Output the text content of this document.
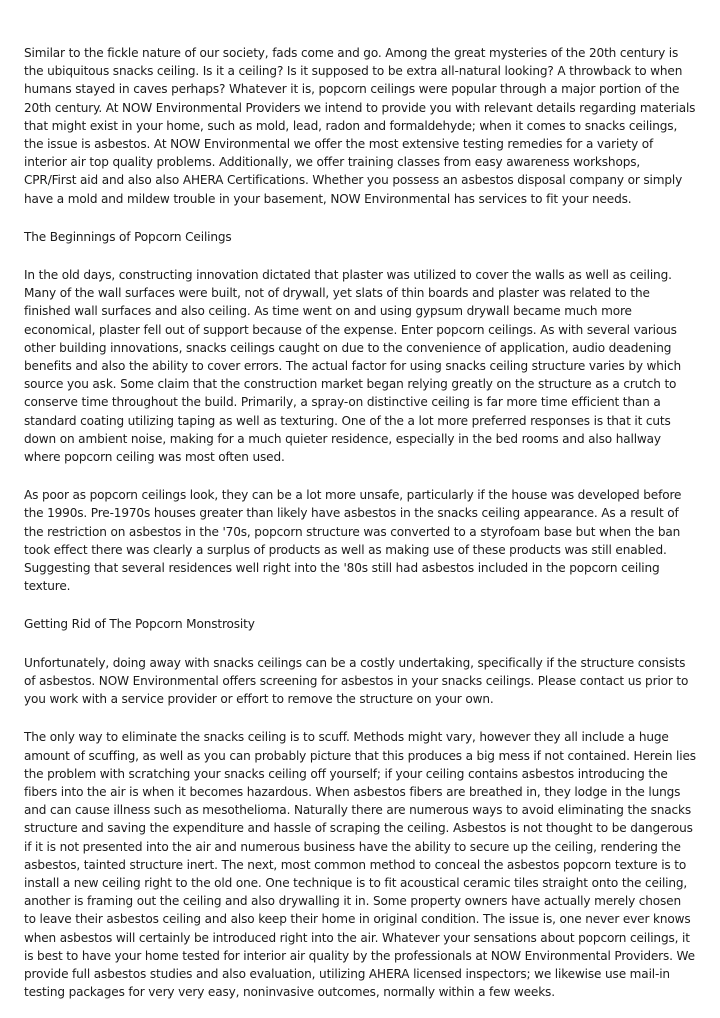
Similar to the fickle nature of our society, fads come and go. Among the great mysteries of the 20th century is the ubiquitous snacks ceiling. Is it a ceiling? Is it supposed to be extra all-natural looking? A throwback to when humans stayed in caves perhaps? Whatever it is, popcorn ceilings were popular through a major portion of the 20th century. At NOW Environmental Providers we intend to provide you with relevant details regarding materials that might exist in your home, such as mold, lead, radon and formaldehyde; when it comes to snacks ceilings, the issue is asbestos. At NOW Environmental we offer the most extensive testing remedies for a variety of interior air top quality problems. Additionally, we offer training classes from easy awareness workshops, CPR/First aid and also also AHERA Certifications. Whether you possess an asbestos disposal company or simply have a mold and mildew trouble in your basement, NOW Environmental has services to fit your needs.

The Beginnings of Popcorn Ceilings

In the old days, constructing innovation dictated that plaster was utilized to cover the walls as well as ceiling. Many of the wall surfaces were built, not of drywall, yet slats of thin boards and plaster was related to the finished wall surfaces and also ceiling. As time went on and using gypsum drywall became much more economical, plaster fell out of support because of the expense. Enter popcorn ceilings. As with several various other building innovations, snacks ceilings caught on due to the convenience of application, audio deadening benefits and also the ability to cover errors. The actual factor for using snacks ceiling structure varies by which source you ask. Some claim that the construction market began relying greatly on the structure as a crutch to conserve time throughout the build. Primarily, a spray-on distinctive ceiling is far more time efficient than a standard coating utilizing taping as well as texturing. One of the a lot more preferred responses is that it cuts down on ambient noise, making for a much quieter residence, especially in the bed rooms and also hallway where popcorn ceiling was most often used.

As poor as popcorn ceilings look, they can be a lot more unsafe, particularly if the house was developed before the 1990s. Pre-1970s houses greater than likely have asbestos in the snacks ceiling appearance. As a result of the restriction on asbestos in the '70s, popcorn structure was converted to a styrofoam base but when the ban took effect there was clearly a surplus of products as well as making use of these products was still enabled. Suggesting that several residences well right into the '80s still had asbestos included in the popcorn ceiling texture.

Getting Rid of The Popcorn Monstrosity

Unfortunately, doing away with snacks ceilings can be a costly undertaking, specifically if the structure consists of asbestos. NOW Environmental offers screening for asbestos in your snacks ceilings. Please contact us prior to you work with a service provider or effort to remove the structure on your own.

The only way to eliminate the snacks ceiling is to scuff. Methods might vary, however they all include a huge amount of scuffing, as well as you can probably picture that this produces a big mess if not contained. Herein lies the problem with scratching your snacks ceiling off yourself; if your ceiling contains asbestos introducing the fibers into the air is when it becomes hazardous. When asbestos fibers are breathed in, they lodge in the lungs and can cause illness such as mesothelioma. Naturally there are numerous ways to avoid eliminating the snacks structure and saving the expenditure and hassle of scraping the ceiling. Asbestos is not thought to be dangerous if it is not presented into the air and numerous business have the ability to secure up the ceiling, rendering the asbestos, tainted structure inert. The next, most common method to conceal the asbestos popcorn texture is to install a new ceiling right to the old one. One technique is to fit acoustical ceramic tiles straight onto the ceiling, another is framing out the ceiling and also drywalling it in. Some property owners have actually merely chosen to leave their asbestos ceiling and also keep their home in original condition. The issue is, one never ever knows when asbestos will certainly be introduced right into the air. Whatever your sensations about popcorn ceilings, it is best to have your home tested for interior air quality by the professionals at NOW Environmental Providers. We provide full asbestos studies and also evaluation, utilizing AHERA licensed inspectors; we likewise use mail-in testing packages for very very easy, noninvasive outcomes, normally within a few weeks.
